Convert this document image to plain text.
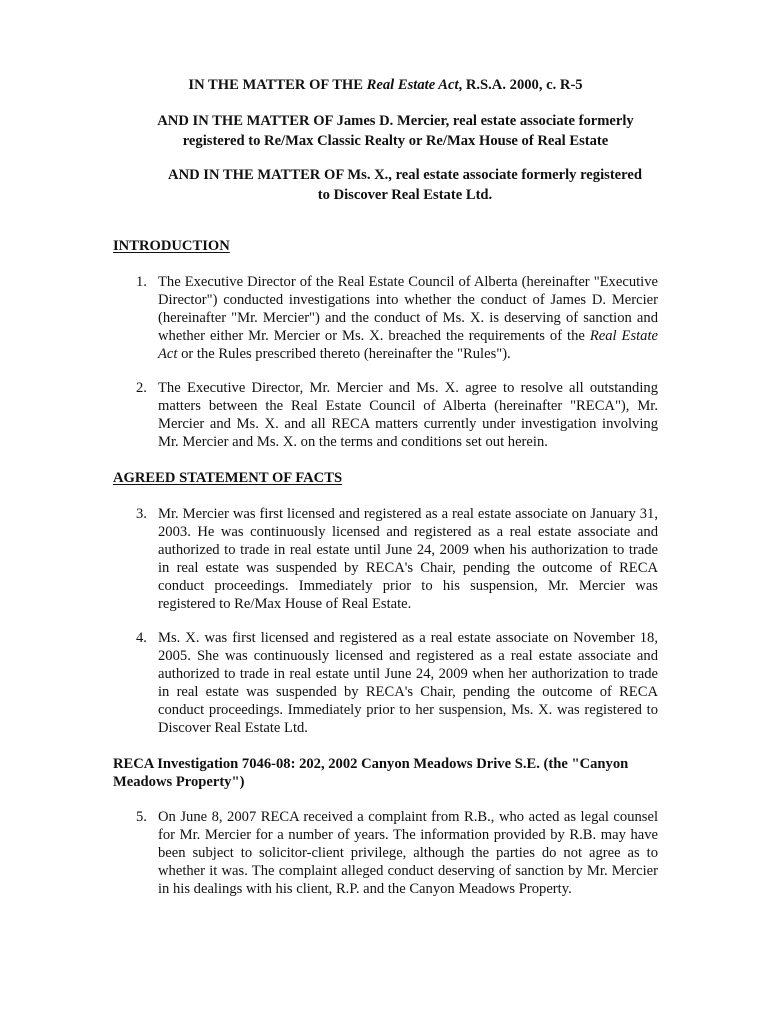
IN THE MATTER OF THE Real Estate Act, R.S.A. 2000, c. R-5
AND IN THE MATTER OF James D. Mercier, real estate associate formerly
registered to Re/Max Classic Realty or Re/Max House of Real Estate
AND IN THE MATTER OF Ms. X., real estate associate formerly registered
to Discover Real Estate Ltd.
INTRODUCTION
1. The Executive Director of the Real Estate Council of Alberta (hereinafter "Executive Director") conducted investigations into whether the conduct of James D. Mercier (hereinafter "Mr. Mercier") and the conduct of Ms. X. is deserving of sanction and whether either Mr. Mercier or Ms. X. breached the requirements of the Real Estate Act or the Rules prescribed thereto (hereinafter the "Rules").
2. The Executive Director, Mr. Mercier and Ms. X. agree to resolve all outstanding matters between the Real Estate Council of Alberta (hereinafter "RECA"), Mr. Mercier and Ms. X. and all RECA matters currently under investigation involving Mr. Mercier and Ms. X. on the terms and conditions set out herein.
AGREED STATEMENT OF FACTS
3. Mr. Mercier was first licensed and registered as a real estate associate on January 31, 2003. He was continuously licensed and registered as a real estate associate and authorized to trade in real estate until June 24, 2009 when his authorization to trade in real estate was suspended by RECA's Chair, pending the outcome of RECA conduct proceedings. Immediately prior to his suspension, Mr. Mercier was registered to Re/Max House of Real Estate.
4. Ms. X. was first licensed and registered as a real estate associate on November 18, 2005. She was continuously licensed and registered as a real estate associate and authorized to trade in real estate until June 24, 2009 when her authorization to trade in real estate was suspended by RECA's Chair, pending the outcome of RECA conduct proceedings. Immediately prior to her suspension, Ms. X. was registered to Discover Real Estate Ltd.
RECA Investigation 7046-08: 202, 2002 Canyon Meadows Drive S.E. (the "Canyon Meadows Property")
5. On June 8, 2007 RECA received a complaint from R.B., who acted as legal counsel for Mr. Mercier for a number of years. The information provided by R.B. may have been subject to solicitor-client privilege, although the parties do not agree as to whether it was. The complaint alleged conduct deserving of sanction by Mr. Mercier in his dealings with his client, R.P. and the Canyon Meadows Property.
